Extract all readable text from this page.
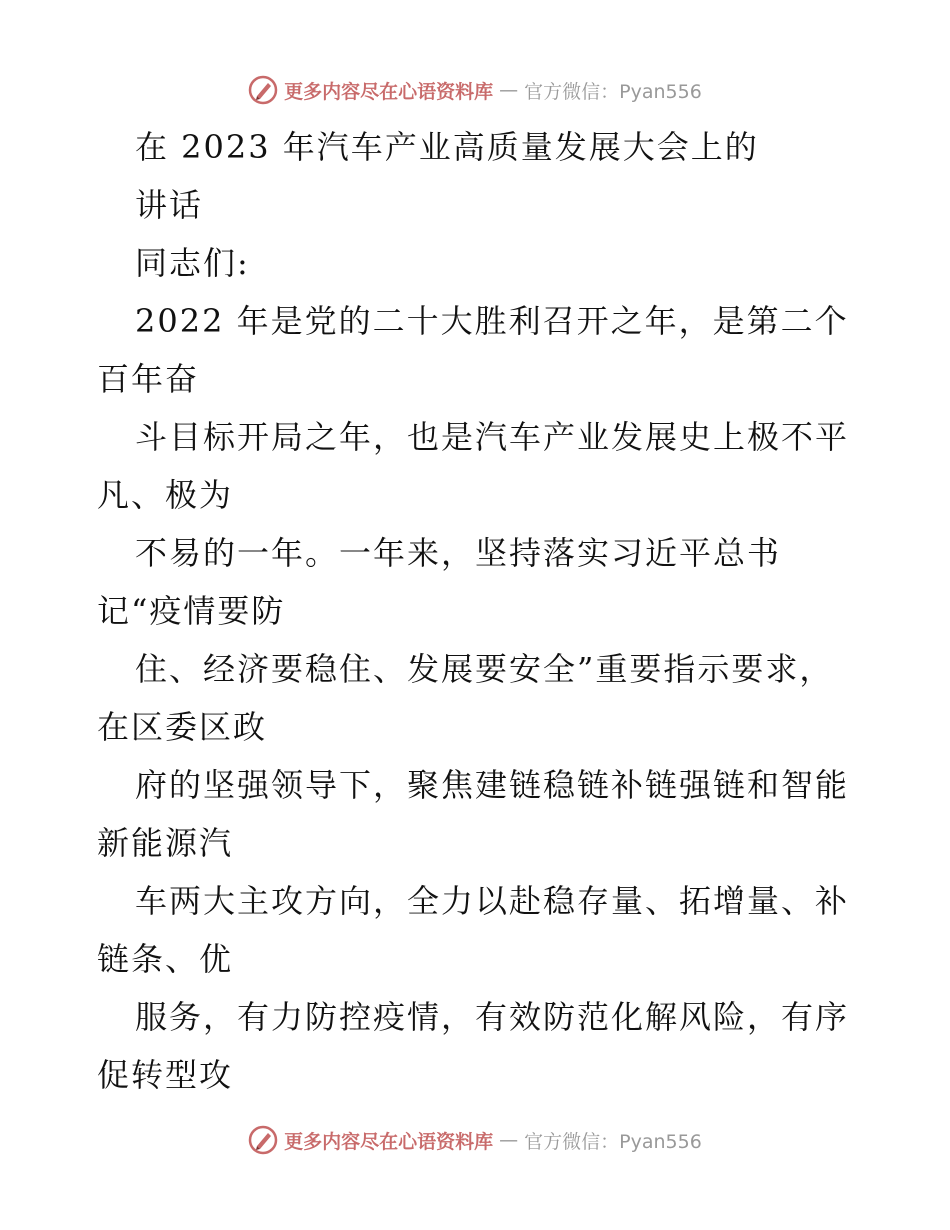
更多内容尽在心语资料库 — 官方微信：Pyan556
在 2023 年汽车产业高质量发展大会上的
讲话
同志们:
2022 年是党的二十大胜利召开之年，是第二个
百年奋
斗目标开局之年，也是汽车产业发展史上极不平
凡、极为
不易的一年。一年来，坚持落实习近平总书
记“疫情要防
住、经济要稳住、发展要安全”重要指示要求，
在区委区政
府的坚强领导下，聚焦建链稳链补链强链和智能
新能源汽
车两大主攻方向，全力以赴稳存量、拓增量、补
链条、优
服务，有力防控疫情，有效防范化解风险，有序
促转型攻
更多内容尽在心语资料库 — 官方微信：Pyan556
